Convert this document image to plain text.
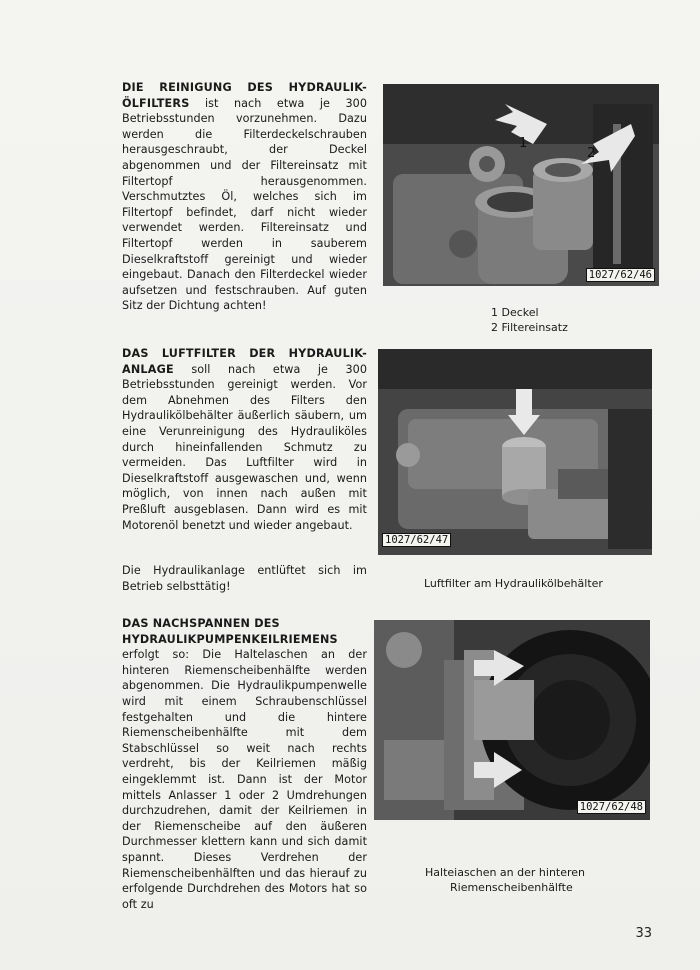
DIE REINIGUNG DES HYDRAULIK-ÖLFILTERS ist nach etwa je 300 Betriebsstunden vorzunehmen. Dazu werden die Filterdeckelschrauben herausgeschraubt, der Deckel abgenommen und der Filtereinsatz mit Filtertopf herausgenommen. Verschmutztes Öl, welches sich im Filtertopf befindet, darf nicht wieder verwendet werden. Filtereinsatz und Filtertopf werden in sauberem Dieselkraftstoff gereinigt und wieder eingebaut. Danach den Filterdeckel wieder aufsetzen und festschrauben. Auf guten Sitz der Dichtung achten!

1
2
1027/62/46
1 Deckel
2 Filtereinsatz

DAS LUFTFILTER DER HYDRAULIK-ANLAGE soll nach etwa je 300 Betriebsstunden gereinigt werden. Vor dem Abnehmen des Filters den Hydraulikölbehälter äußerlich säubern, um eine Verunreinigung des Hydrauliköles durch hineinfallenden Schmutz zu vermeiden. Das Luftfilter wird in Dieselkraftstoff ausgewaschen und, wenn möglich, von innen nach außen mit Preßluft ausgeblasen. Dann wird es mit Motorenöl benetzt und wieder angebaut.

Die Hydraulikanlage entlüftet sich im Betrieb selbsttätig!

1027/62/47
Luftfilter am Hydraulikölbehälter

DAS NACHSPANNEN DES HYDRAULIKPUMPENKEILRIEMENS
erfolgt so: Die Haltelaschen an der hinteren Riemenscheibenhälfte werden abgenommen. Die Hydraulikpumpenwelle wird mit einem Schraubenschlüssel festgehalten und die hintere Riemenscheibenhälfte mit dem Stabschlüssel so weit nach rechts verdreht, bis der Keilriemen mäßig eingeklemmt ist. Dann ist der Motor mittels Anlasser 1 oder 2 Umdrehungen durchzudrehen, damit der Keilriemen in der Riemenscheibe auf den äußeren Durchmesser klettern kann und sich damit spannt. Dieses Verdrehen der Riemenscheibenhälften und das hierauf zu erfolgende Durchdrehen des Motors hat so oft zu

1027/62/48
Halteiaschen an der hinteren
Riemenscheibenhälfte
33
